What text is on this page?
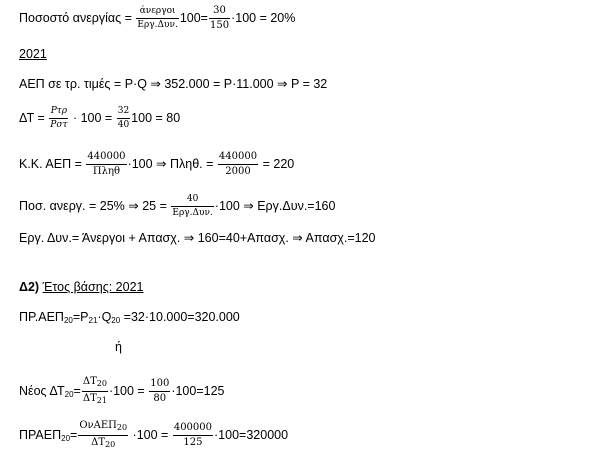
Ποσοστό $\alpha\nu\varepsilon\rho\gamma ί\alpha\varsigma = \frac{\text{άνεργοι}}{\text{Εργ.Δυν.}} 100= \frac{30}{150} \cdot 100 = 20\%$
2021
ΑΕΠ σε τρ. τιμές = P·Q ⇒ 352.000 = P·11.000 ⇒ P = 32
$\Delta T = \frac{\text{Pτρ}}{\text{Pστ}} \cdot 100 = \frac{32}{40} 100 = 80$
Κ.Κ. $AE\Pi = \frac{440000}{\text{Πληθ}} \cdot 100$ ⇒ Πληθ. = $\frac{440000}{2000} = 220$
Ποσ. ανεργ. = 25% ⇒ $25 = \frac{40}{\text{Εργ.Δυν.}} \cdot 100$ ⇒ Εργ.Δυν.=160
Εργ. Δυν.= Άνεργοι + Απασχ. ⇒ 160=40+Απασχ. ⇒ Απασχ.=120
Δ2) Έτος βάσης: 2021
$\Pi P.AE\Pi_{20}=P_{21}\cdot Q_{20} =32\cdot 10.000=320.000$
ή
Νέος $\Delta T_{20}= \frac{\Delta T_{20}}{\Delta T_{21}} \cdot 100 = \frac{100}{80} \cdot 100=125$
$\Pi PAE\Pi_{20}= \frac{O\nu AE\Pi_{20}}{\Delta T_{20}} \cdot 100 = \frac{400000}{125} \cdot 100=320000$
